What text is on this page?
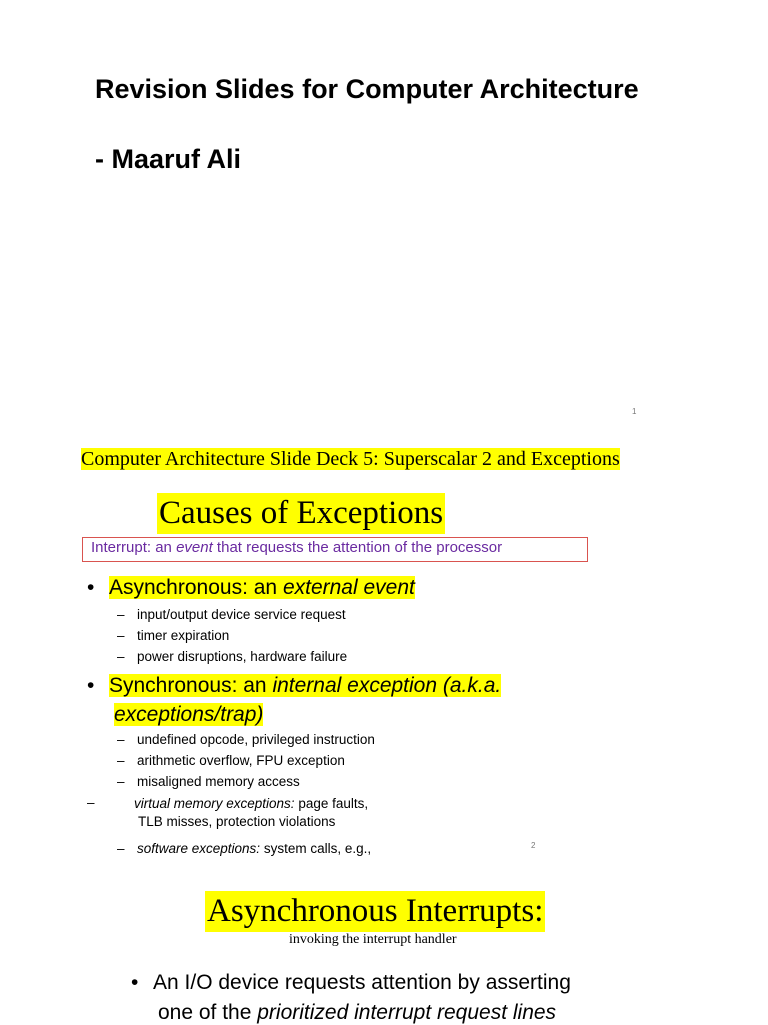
Revision Slides for Computer Architecture
- Maaruf Ali
1
Computer Architecture Slide Deck 5: Superscalar 2 and Exceptions
Causes of Exceptions
Interrupt: an event that requests the attention of the processor
• Asynchronous: an external event
– input/output device service request
– timer expiration
– power disruptions, hardware failure
• Synchronous: an internal exception (a.k.a.
exceptions/trap)
– undefined opcode, privileged instruction
– arithmetic overflow, FPU exception
– misaligned memory access
–	virtual memory exceptions: page faults,
TLB misses, protection violations
– software exceptions: system calls, e.g.,	2
Asynchronous Interrupts:
invoking the interrupt handler
• An I/O device requests attention by asserting
one of the prioritized interrupt request lines
